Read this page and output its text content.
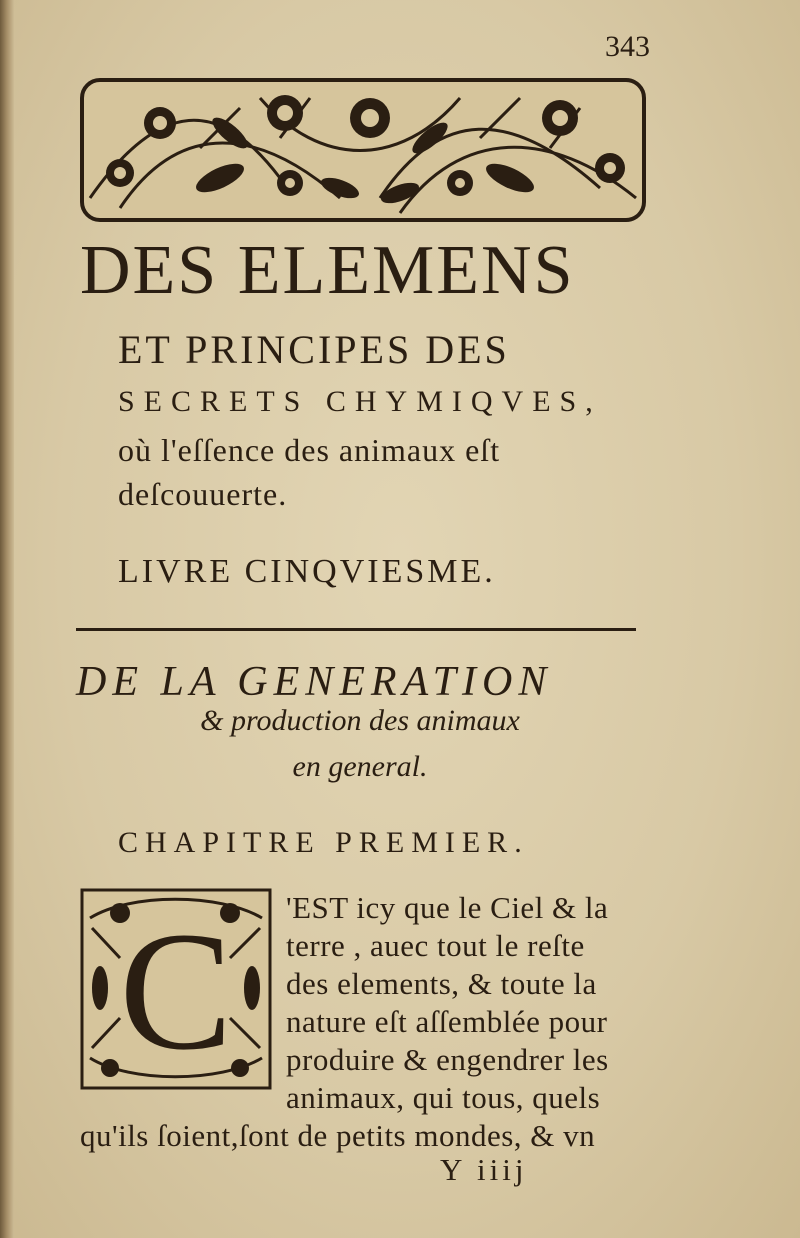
343
DES ELEMENS
ET PRINCIPES DES
SECRETS CHYMIQVES,
où l'eſſence des animaux eſt
deſcouuerte.
LIVRE CINQVIESME.
DE LA GENERATION
& production des animaux
en general.
CHAPITRE PREMIER.
C 'EST icy que le Ciel & la
terre , auec tout le reſte
des elements, & toute la
nature eſt aſſemblée pour
produire & engendrer les
animaux, qui tous, quels
qu'ils ſoient,ſont de petits mondes, & vn
Y iiij
